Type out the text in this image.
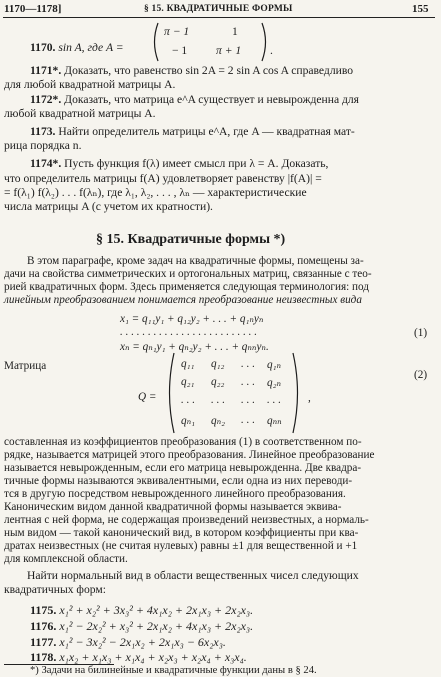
1170—1178]	§ 15. КВАДРАТИЧНЫЕ ФОРМЫ	155
1170. sin A, где A =
π − 1	1
− 1 π + 1 .
1171*. Доказать, что равенство sin 2A = 2 sin A cos A справедливо
для любой квадратной матрицы A.
1172*. Доказать, что матрица e^A существует и невырожденна для
любой квадратной матрицы A.
1173. Найти определитель матрицы e^A, где A — квадратная мат-
рица порядка n.
1174*. Пусть функция f(λ) имеет смысл при λ = A. Доказать,
что определитель матрицы f(A) удовлетворяет равенству |f(A)| =
= f(λ₁) f(λ₂) . . . f(λₙ), где λ₁, λ₂, . . . , λₙ — характеристические
числа матрицы A (с учетом их кратности).
§ 15. Квадратичные формы *)
В этом параграфе, кроме задач на квадратичные формы, помещены за-
дачи на свойства симметрических и ортогональных матриц, связанные с тео-
рией квадратичных форм. Здесь применяется следующая терминология: под
линейным преобразованием понимается преобразование неизвестных вида
x₁ = q₁₁y₁ + q₁₂y₂ + . . . + q₁ₙyₙ
. . . . . . . . . . . . . . . . . . . . . . . . .
xₙ = qₙ₁y₁ + qₙ₂y₂ + . . . + qₙₙyₙ.
(1)
Матрица
Q =
q₁₁ q₁₂ . . . q₁ₙ
q₂₁ q₂₂ . . . q₂ₙ
. . . . . . . . . . . .
qₙ₁ qₙ₂ . . . qₙₙ
,
(2)
составленная из коэффициентов преобразования (1) в соответственном по-
рядке, называется матрицей этого преобразования. Линейное преобразование
называется невырожденным, если его матрица невырожденна. Две квадра-
тичные формы называются эквивалентными, если одна из них переводи-
тся в другую посредством невырожденного линейного преобразования.
Каноническим видом данной квадратичной формы называется эквива-
лентная с ней форма, не содержащая произведений неизвестных, а нормаль-
ным видом — такой канонический вид, в котором коэффициенты при ква-
дратах неизвестных (не считая нулевых) равны ±1 для вещественной и +1
для комплексной области.
Найти нормальный вид в области вещественных чисел следующих
квадратичных форм:
1175. x₁² + x₂² + 3x₃² + 4x₁x₂ + 2x₁x₃ + 2x₂x₃.
1176. x₁² − 2x₂² + x₃² + 2x₁x₂ + 4x₁x₃ + 2x₂x₃.
1177. x₁² − 3x₂² − 2x₁x₂ + 2x₁x₃ − 6x₂x₃.
1178. x₁x₂ + x₁x₃ + x₁x₄ + x₂x₃ + x₂x₄ + x₃x₄.
*) Задачи на билинейные и квадратичные функции даны в § 24.
